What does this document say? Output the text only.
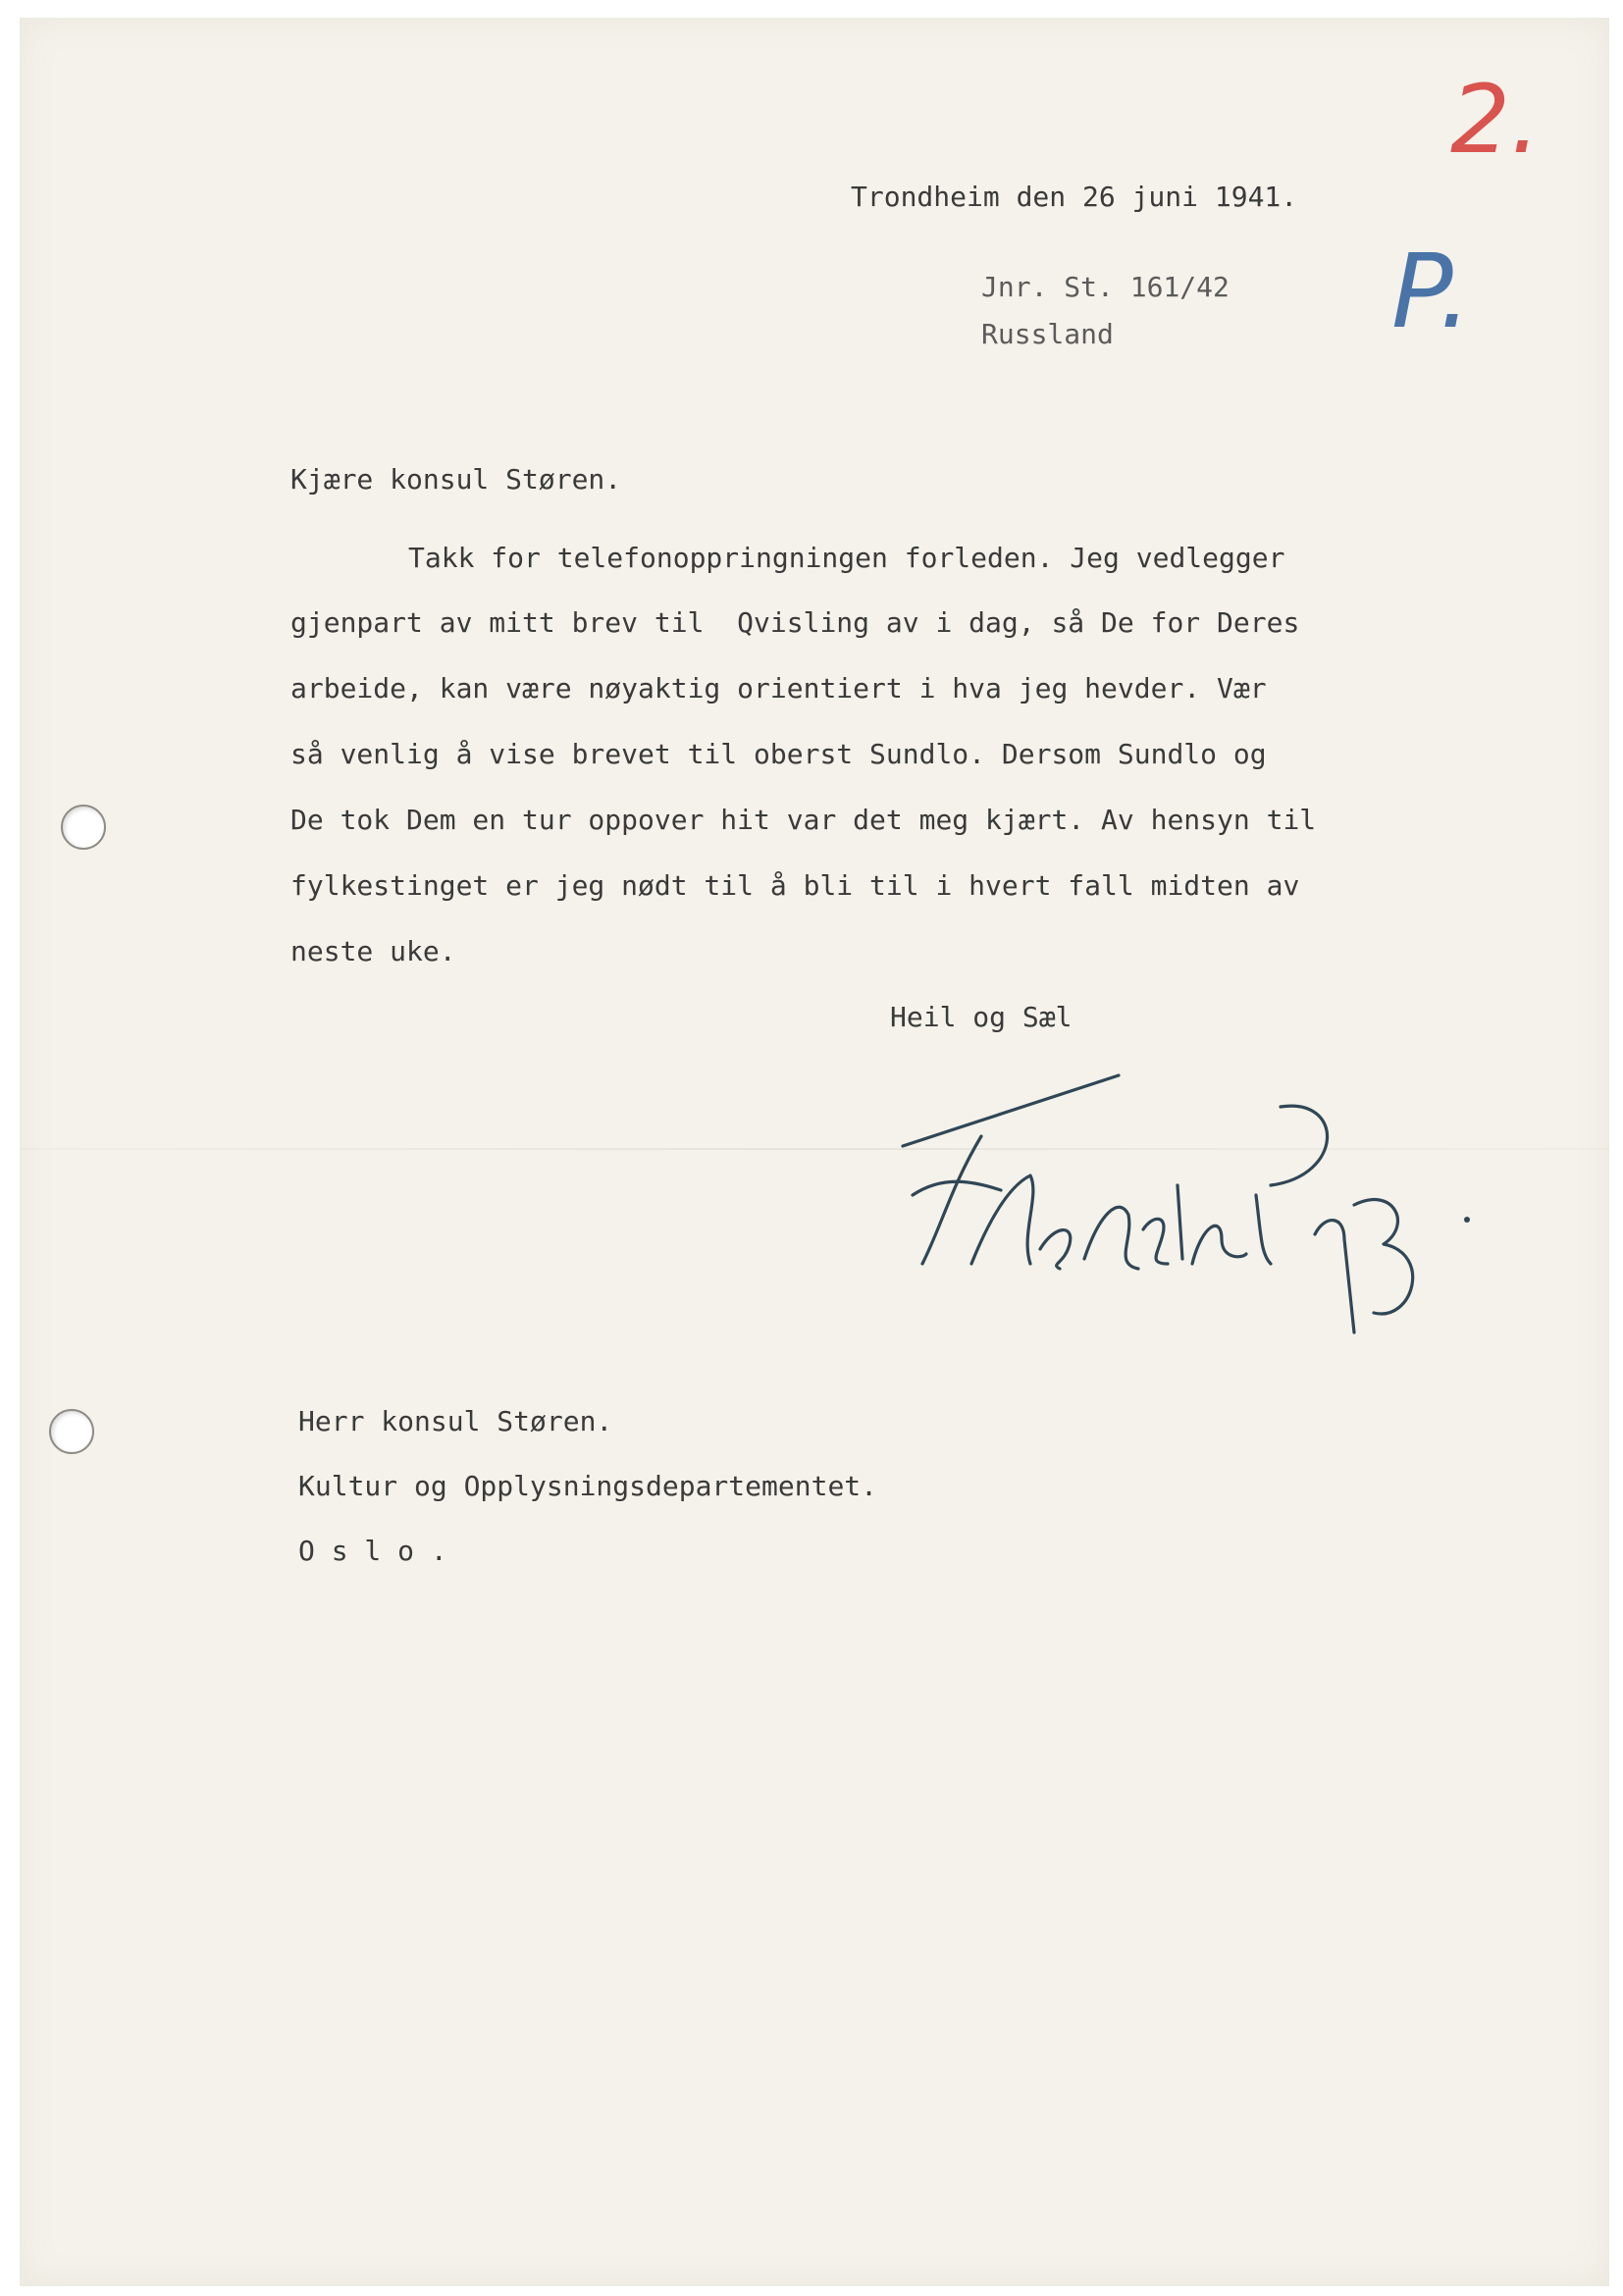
2.

P.

Trondheim den 26 juni 1941.

Jnr. St. 161/42

Russland

Kjære konsul Støren.

Takk for telefonoppringningen forleden. Jeg vedlegger

gjenpart av mitt brev til  Qvisling av i dag, så De for Deres

arbeide, kan være nøyaktig orientiert i hva jeg hevder. Vær

så venlig å vise brevet til oberst Sundlo. Dersom Sundlo og

De tok Dem en tur oppover hit var det meg kjært. Av hensyn til

fylkestinget er jeg nødt til å bli til i hvert fall midten av

neste uke.

Heil og Sæl

Herr konsul Støren.

Kultur og Opplysningsdepartementet.

O s l o .
